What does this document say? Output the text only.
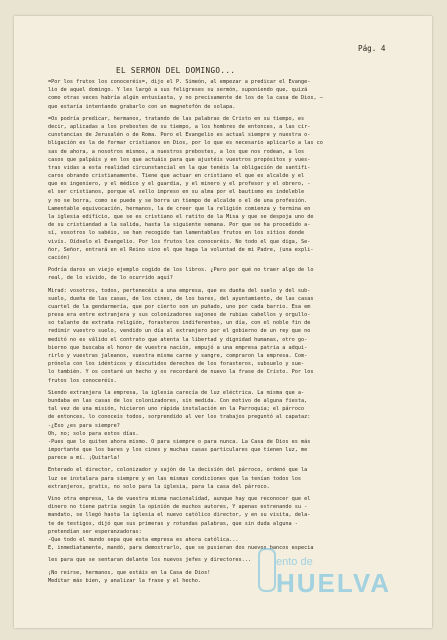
Pág. 4
EL SERMON DEL DOMINGO...
=Por los frutos los conoceréis=, dijo el P. Simeón, al empezar a predicar el Evange-
lio de aquel domingo. Y les largó a sus feligreses su sermón, suponiendo que, quizá
como otras veces habría algún entusiasta, y no precisamente de los de la casa de Dios, —
que estaría intentando grabarlo con un magnetofón de solapa.
=Os podría predicar, hermanos, tratando de las palabras de Cristo en su tiempo, es
decir, aplicadas a los prebostes de su tiempo, a los hombres de entonces, a las cir-
cunstancias de Jerusalén o de Roma. Pero el Evangelio es actual siempre y nuestra o-
bligación es la de formar cristianos en Dios, por lo que es necesario aplicarlo a las co
sas de ahora, a nosotros mismos, a nuestros prebostes, a los que nos rodean, a los
casos que palpáis y en los que actuáis para que ajustéis vuestros propósitos y vues-
tras vidas a esta realidad circunstancial en la que tenéis la obligación de santifi-
caros obrando cristianamente. Tiene que actuar en cristiano el que es alcalde y el
que es ingeniero, y el médico y el guardia, y el minero y el profesor y el obrero, -
el ser cristianos, porque el sello impreso en su alma por el bautismo es indeleble
y no se borra, como se puede y se borra un tiempo de alcalde o el de una profesión.
Lamentable equivocación, hermanos, la de creer que la religión comienza y termina en
la iglesia edificio, que se es cristiano el ratito de la Misa y que se despoja uno de
de su cristiandad a la salida, hasta la siguiente semana. Por que se ha procedido a-
sí, vosotros lo sabéis, se han recogido tan lamentables frutos en los sitios donde
vivís. Oídselo el Evangelio. Por los frutos los conoceréis. No todo el que diga, Se-
ñor, Señor, entrará en el Reino sino el que haga la voluntad de mi Padre, (una expli-
cación)
Podría daros un viejo ejemplo cogido de los libros. ¿Pero por qué no traer algo de lo
real, de lo vivido, de lo ocurrido aquí?
Mirad: vosotros, todos, pertenecéis a una empresa, que es dueña del suelo y del sub-
suelo, dueña de las casas, de los cines, de los bares, del ayuntamiento, de las casas
cuartel de la gendarmería, que por cierto son un puñado, uno por cada barrio. Esa em
presa era entre extranjera y sus colonizadores sajones de rubias cabellos y orgullo-
so talante de extraña religión, forasteros indiferentes, un día, con el noble fin de
redimir vuestro suelo, vendido un día al extranjero por el gobierno de un rey que no
meditó no es válido el contrato que atenta la libertad y dignidad humanas, otro go-
bierno que buscaba el honor de vuestra nación, empujó a una empresa patria a adqui-
rirlo y vuestras jaleanos, vuestra misma carne y sangre, compraron la empresa. Com-
prónola con los idénticos y discutidos derechos de los forasteros, subsuelo y sue-
lo también. Y os contaré un hecho y os recordaré de nuevo la frase de Cristo. Por los
frutos los conoceréis.
Siendo extranjera la empresa, la iglesia carecía de luz eléctrica. La misma que a-
bundaba en las casas de los colonizadores, sin medida. Con motivo de alguna fiesta,
tal vez de una misión, hicieron uno rápida instalación en la Parroquia; el párroco
de entonces, lo conoceis todos, sorprendido al ver los trabajos preguntó al capataz:
-¿Eso ¿es para siempre?
Oh, no; solo para estos días.
-Pues que lo quiten ahora mismo. O para siempre o para nunca. La Casa de Dios es más
importante que los bares y los cines y muchas casas particulares que tienen luz, me
parece a mí. ¡Quitarla!
Enterado el director, colonizador y sajón de la decisión del párroco, ordenó que la
luz se instalara para siempre y en las mismas condiciones que la tenían todos los
extranjeros, gratis, no solo para la iglesia, para la casa del párroco.
Vino otra empresa, la de vuestra misma nacionalidad, aunque hay que reconocer que el
dinero no tiene patria según la opinión de muchos autores, Y apenas estrenando su -
mandato, se llegó hasta la iglesia el nuevo católico director, y en su visita, dela-
te de testigos, dijó que sus primeras y rotundas palabras, que sin duda alguna -
pretendían ser esperanzadoras:
-Que todo el mundo sepa que esta empresa es ahora católica...
E, inmediatamente, mandó, para demostrarlo, que se pusieran dos nuevos bancos especia
les para que se sentaran delante los nuevos jefes y directores...
¡No reirse, hermanos, que estáis en la Casa de Dios!
Meditar más bien, y analizar la frase y el hecho.
ento de
HUELVA
